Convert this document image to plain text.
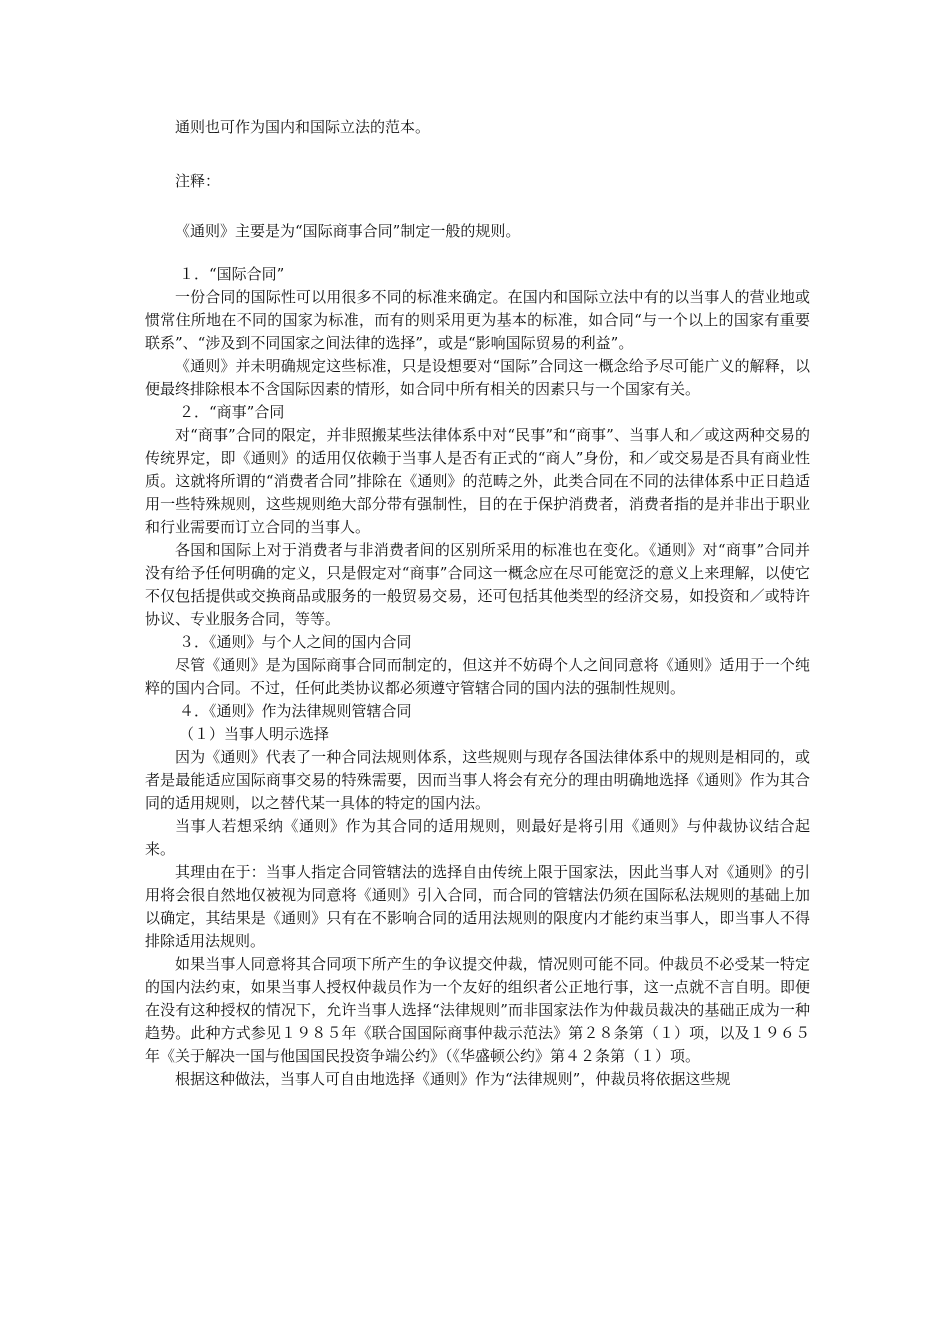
通则也可作为国内和国际立法的范本。

注释：

《通则》主要是为“国际商事合同”制定一般的规则。

１．“国际合同”

一份合同的国际性可以用很多不同的标准来确定。在国内和国际立法中有的以当事人的营业地或惯常住所地在不同的国家为标准，而有的则采用更为基本的标准，如合同“与一个以上的国家有重要联系”、“涉及到不同国家之间法律的选择”，或是“影响国际贸易的利益”。

《通则》并未明确规定这些标准，只是设想要对“国际”合同这一概念给予尽可能广义的解释，以便最终排除根本不含国际因素的情形，如合同中所有相关的因素只与一个国家有关。

２．“商事”合同

对“商事”合同的限定，并非照搬某些法律体系中对“民事”和“商事”、当事人和／或这两种交易的传统界定，即《通则》的适用仅依赖于当事人是否有正式的“商人”身份，和／或交易是否具有商业性质。这就将所谓的“消费者合同”排除在《通则》的范畴之外，此类合同在不同的法律体系中正日趋适用一些特殊规则，这些规则绝大部分带有强制性，目的在于保护消费者，消费者指的是并非出于职业和行业需要而订立合同的当事人。

各国和国际上对于消费者与非消费者间的区别所采用的标准也在变化。《通则》对“商事”合同并没有给予任何明确的定义，只是假定对“商事”合同这一概念应在尽可能宽泛的意义上来理解，以使它不仅包括提供或交换商品或服务的一般贸易交易，还可包括其他类型的经济交易，如投资和／或特许协议、专业服务合同，等等。

３．《通则》与个人之间的国内合同

尽管《通则》是为国际商事合同而制定的，但这并不妨碍个人之间同意将《通则》适用于一个纯粹的国内合同。不过，任何此类协议都必须遵守管辖合同的国内法的强制性规则。

４．《通则》作为法律规则管辖合同

（１）当事人明示选择

因为《通则》代表了一种合同法规则体系，这些规则与现存各国法律体系中的规则是相同的，或者是最能适应国际商事交易的特殊需要，因而当事人将会有充分的理由明确地选择《通则》作为其合同的适用规则，以之替代某一具体的特定的国内法。

当事人若想采纳《通则》作为其合同的适用规则，则最好是将引用《通则》与仲裁协议结合起来。

其理由在于：当事人指定合同管辖法的选择自由传统上限于国家法，因此当事人对《通则》的引用将会很自然地仅被视为同意将《通则》引入合同，而合同的管辖法仍须在国际私法规则的基础上加以确定，其结果是《通则》只有在不影响合同的适用法规则的限度内才能约束当事人，即当事人不得排除适用法规则。

如果当事人同意将其合同项下所产生的争议提交仲裁，情况则可能不同。仲裁员不必受某一特定的国内法约束，如果当事人授权仲裁员作为一个友好的组织者公正地行事，这一点就不言自明。即便在没有这种授权的情况下，允许当事人选择“法律规则”而非国家法作为仲裁员裁决的基础正成为一种趋势。此种方式参见１９８５年《联合国国际商事仲裁示范法》第２８条第（１）项，以及１９６５年《关于解决一国与他国国民投资争端公约》（《华盛顿公约》第４２条第（１）项。

根据这种做法，当事人可自由地选择《通则》作为“法律规则”，仲裁员将依据这些规
